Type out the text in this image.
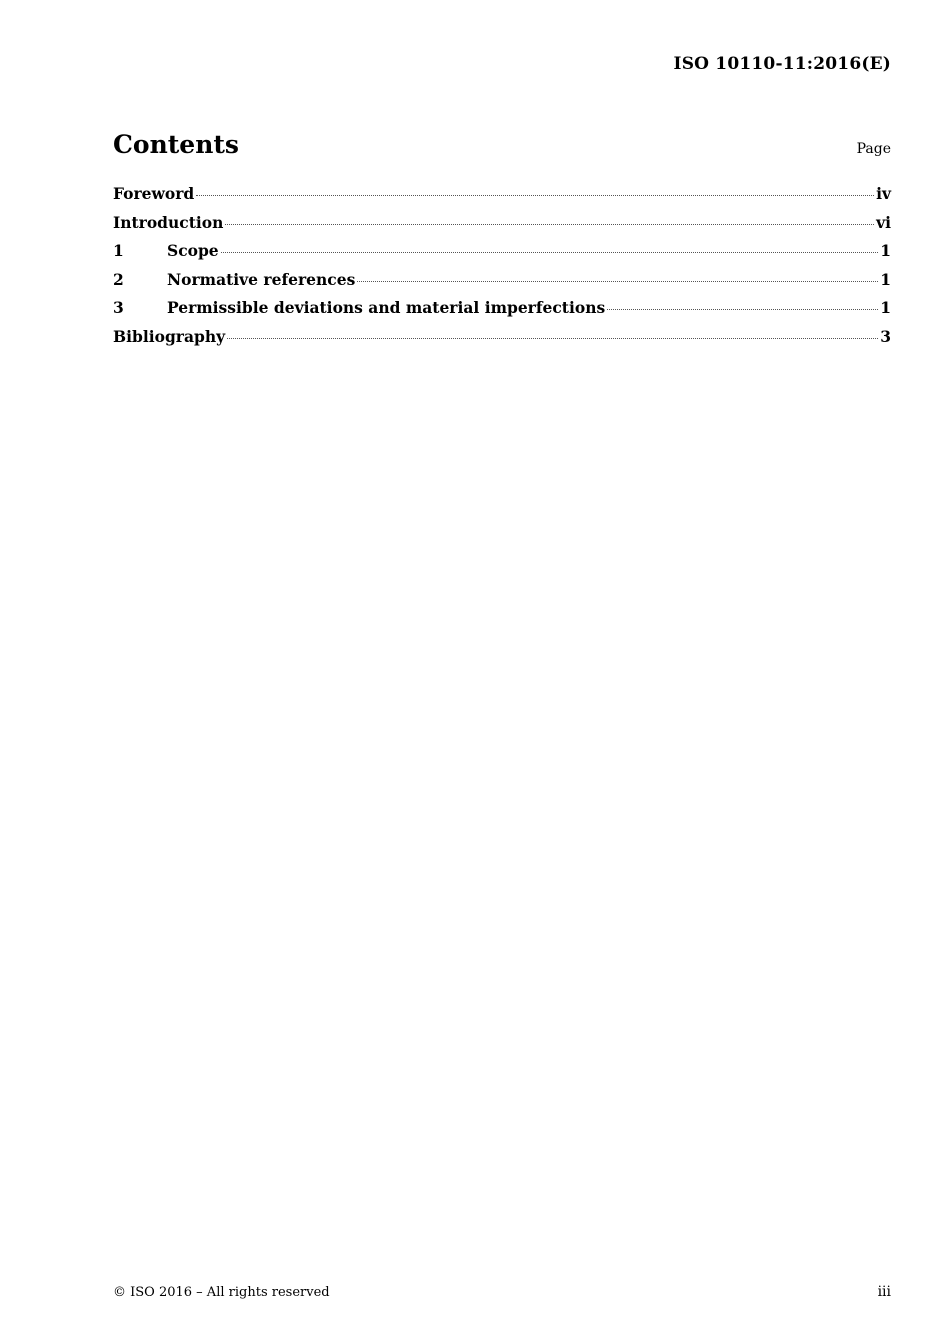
ISO 10110-11:2016(E)
Contents	Page
Foreword	iv
Introduction	vi
1	Scope	1
2	Normative references	1
3	Permissible deviations and material imperfections	1
Bibliography	3
© ISO 2016 – All rights reserved	iii
